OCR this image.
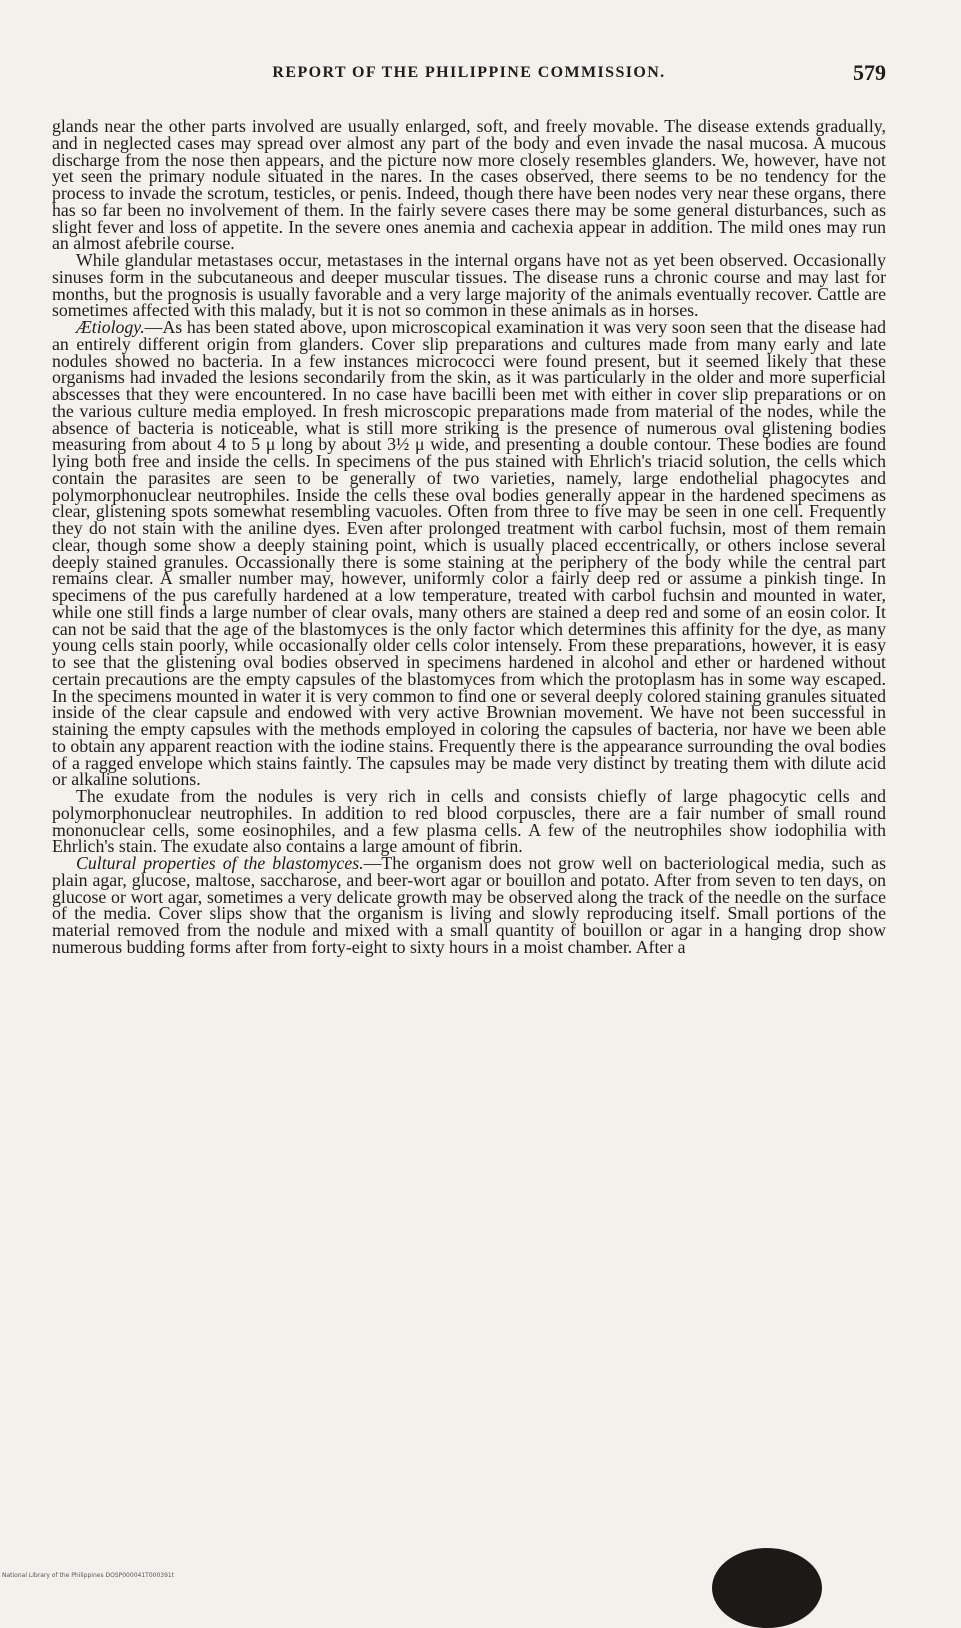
REPORT OF THE PHILIPPINE COMMISSION.	579

glands near the other parts involved are usually enlarged, soft, and freely movable. The disease extends gradually, and in neglected cases may spread over almost any part of the body and even invade the nasal mucosa. A mucous discharge from the nose then appears, and the picture now more closely resembles glanders. We, however, have not yet seen the primary nodule situated in the nares. In the cases observed, there seems to be no tendency for the process to invade the scrotum, testicles, or penis. Indeed, though there have been nodes very near these organs, there has so far been no involvement of them. In the fairly severe cases there may be some general disturbances, such as slight fever and loss of appetite. In the severe ones anemia and cachexia appear in addition. The mild ones may run an almost afebrile course.

While glandular metastases occur, metastases in the internal organs have not as yet been observed. Occasionally sinuses form in the subcutaneous and deeper muscular tissues. The disease runs a chronic course and may last for months, but the prognosis is usually favorable and a very large majority of the animals eventually recover. Cattle are sometimes affected with this malady, but it is not so common in these animals as in horses.

Ætiology.—As has been stated above, upon microscopical examination it was very soon seen that the disease had an entirely different origin from glanders. Cover slip preparations and cultures made from many early and late nodules showed no bacteria. In a few instances micrococci were found present, but it seemed likely that these organisms had invaded the lesions secondarily from the skin, as it was particularly in the older and more superficial abscesses that they were encountered. In no case have bacilli been met with either in cover slip preparations or on the various culture media employed. In fresh microscopic preparations made from material of the nodes, while the absence of bacteria is noticeable, what is still more striking is the presence of numerous oval glistening bodies measuring from about 4 to 5 μ long by about 3½ μ wide, and presenting a double contour. These bodies are found lying both free and inside the cells. In specimens of the pus stained with Ehrlich's triacid solution, the cells which contain the parasites are seen to be generally of two varieties, namely, large endothelial phagocytes and polymorphonuclear neutrophiles. Inside the cells these oval bodies generally appear in the hardened specimens as clear, glistening spots somewhat resembling vacuoles. Often from three to five may be seen in one cell. Frequently they do not stain with the aniline dyes. Even after prolonged treatment with carbol fuchsin, most of them remain clear, though some show a deeply staining point, which is usually placed eccentrically, or others inclose several deeply stained granules. Occassionally there is some staining at the periphery of the body while the central part remains clear. A smaller number may, however, uniformly color a fairly deep red or assume a pinkish tinge. In specimens of the pus carefully hardened at a low temperature, treated with carbol fuchsin and mounted in water, while one still finds a large number of clear ovals, many others are stained a deep red and some of an eosin color. It can not be said that the age of the blastomyces is the only factor which determines this affinity for the dye, as many young cells stain poorly, while occasionally older cells color intensely. From these preparations, however, it is easy to see that the glistening oval bodies observed in specimens hardened in alcohol and ether or hardened without certain precautions are the empty capsules of the blastomyces from which the protoplasm has in some way escaped. In the specimens mounted in water it is very common to find one or several deeply colored staining granules situated inside of the clear capsule and endowed with very active Brownian movement. We have not been successful in staining the empty capsules with the methods employed in coloring the capsules of bacteria, nor have we been able to obtain any apparent reaction with the iodine stains. Frequently there is the appearance surrounding the oval bodies of a ragged envelope which stains faintly. The capsules may be made very distinct by treating them with dilute acid or alkaline solutions.

The exudate from the nodules is very rich in cells and consists chiefly of large phagocytic cells and polymorphonuclear neutrophiles. In addition to red blood corpuscles, there are a fair number of small round mononuclear cells, some eosinophiles, and a few plasma cells. A few of the neutrophiles show iodophilia with Ehrlich's stain. The exudate also contains a large amount of fibrin.

Cultural properties of the blastomyces.—The organism does not grow well on bacteriological media, such as plain agar, glucose, maltose, saccharose, and beer-wort agar or bouillon and potato. After from seven to ten days, on glucose or wort agar, sometimes a very delicate growth may be observed along the track of the needle on the surface of the media. Cover slips show that the organism is living and slowly reproducing itself. Small portions of the material removed from the nodule and mixed with a small quantity of bouillon or agar in a hanging drop show numerous budding forms after from forty-eight to sixty hours in a moist chamber. After a

National Library of the Philippines DOSP000041T000391t
